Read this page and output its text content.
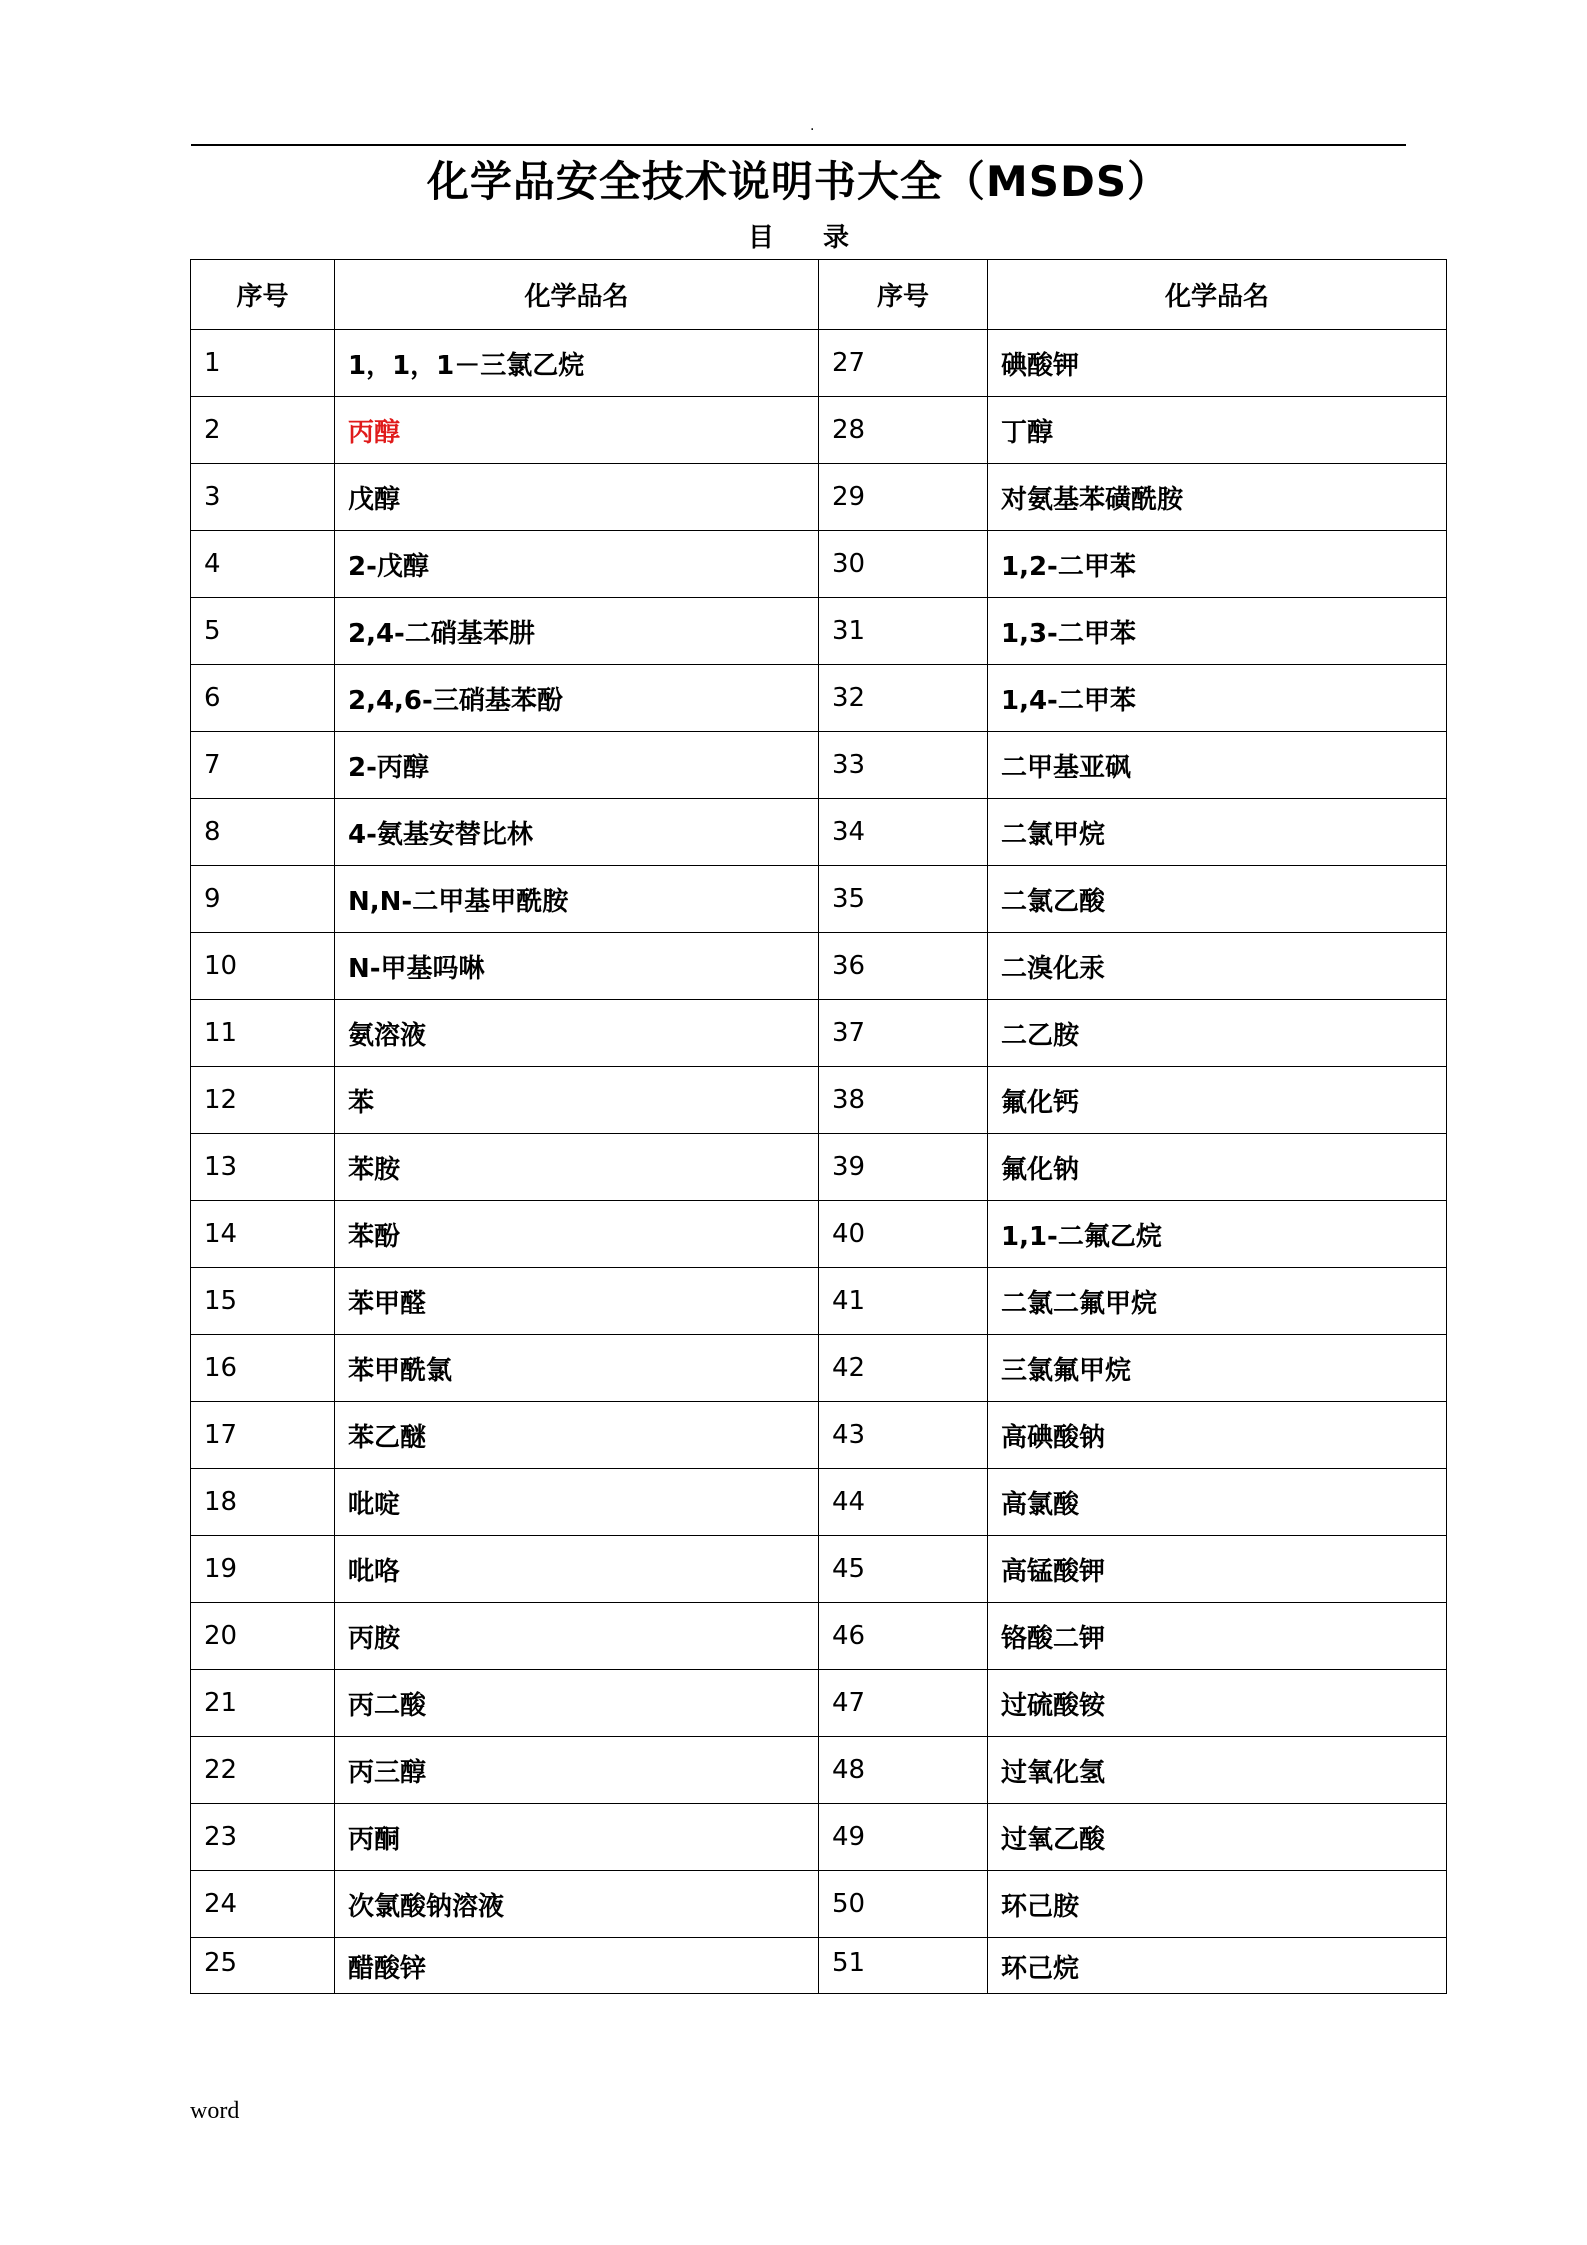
.
化学品安全技术说明书大全（MSDS）
目 录
序号	化学品名	序号	化学品名
1	1，1，1－三氯乙烷	27	碘酸钾
2	丙醇	28	丁醇
3	戊醇	29	对氨基苯磺酰胺
4	2-戊醇	30	1,2-二甲苯
5	2,4-二硝基苯肼	31	1,3-二甲苯
6	2,4,6-三硝基苯酚	32	1,4-二甲苯
7	2-丙醇	33	二甲基亚砜
8	4-氨基安替比林	34	二氯甲烷
9	N,N-二甲基甲酰胺	35	二氯乙酸
10	N-甲基吗啉	36	二溴化汞
11	氨溶液	37	二乙胺
12	苯	38	氟化钙
13	苯胺	39	氟化钠
14	苯酚	40	1,1-二氟乙烷
15	苯甲醛	41	二氯二氟甲烷
16	苯甲酰氯	42	三氯氟甲烷
17	苯乙醚	43	高碘酸钠
18	吡啶	44	高氯酸
19	吡咯	45	高锰酸钾
20	丙胺	46	铬酸二钾
21	丙二酸	47	过硫酸铵
22	丙三醇	48	过氧化氢
23	丙酮	49	过氧乙酸
24	次氯酸钠溶液	50	环己胺
25	醋酸锌	51	环己烷
word
